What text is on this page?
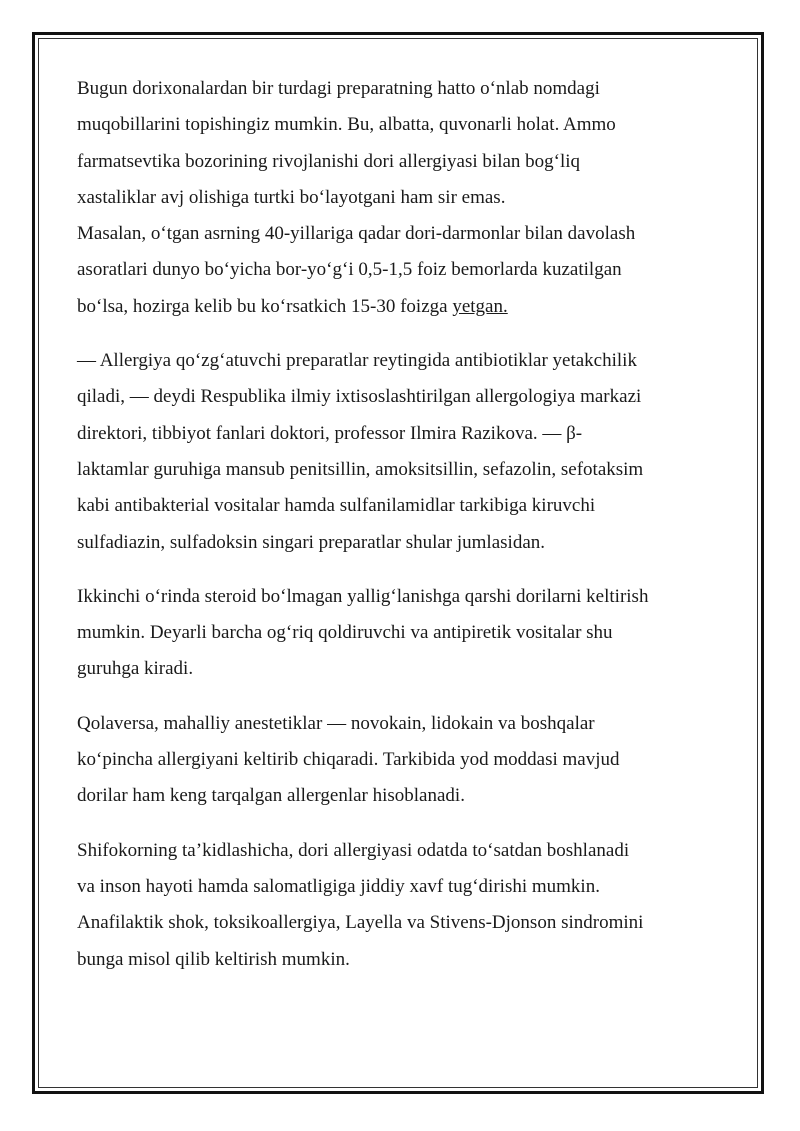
Bugun dorixonalardan bir turdagi preparatning hatto o‘nlab nomdagi
muqobillarini topishingiz mumkin. Bu, albatta, quvonarli holat. Ammo
farmatsevtika bozorining rivojlanishi dori allergiyasi bilan bog‘liq
xastaliklar avj olishiga turtki bo‘layotgani ham sir emas.

Masalan, o‘tgan asrning 40-yillariga qadar dori-darmonlar bilan davolash
asoratlari dunyo bo‘yicha bor-yo‘g‘i 0,5-1,5 foiz bemorlarda kuzatilgan
bo‘lsa, hozirga kelib bu ko‘rsatkich 15-30 foizga yetgan.

— Allergiya qo‘zg‘atuvchi preparatlar reytingida antibiotiklar yetakchilik
qiladi, — deydi Respublika ilmiy ixtisoslashtirilgan allergologiya markazi
direktori, tibbiyot fanlari doktori, professor Ilmira Razikova. — β-
laktamlar guruhiga mansub penitsillin, amoksitsillin, sefazolin, sefotaksim
kabi antibakterial vositalar hamda sulfanilamidlar tarkibiga kiruvchi
sulfadiazin, sulfadoksin singari preparatlar shular jumlasidan.

Ikkinchi o‘rinda steroid bo‘lmagan yallig‘lanishga qarshi dorilarni keltirish
mumkin. Deyarli barcha og‘riq qoldiruvchi va antipiretik vositalar shu
guruhga kiradi.

Qolaversa, mahalliy anestetiklar — novokain, lidokain va boshqalar
ko‘pincha allergiyani keltirib chiqaradi. Tarkibida yod moddasi mavjud
dorilar ham keng tarqalgan allergenlar hisoblanadi.

Shifokorning ta’kidlashicha, dori allergiyasi odatda to‘satdan boshlanadi
va inson hayoti hamda salomatligiga jiddiy xavf tug‘dirishi mumkin.
Anafilaktik shok, toksikoallergiya, Layella va Stivens-Djonson sindromini
bunga misol qilib keltirish mumkin.
